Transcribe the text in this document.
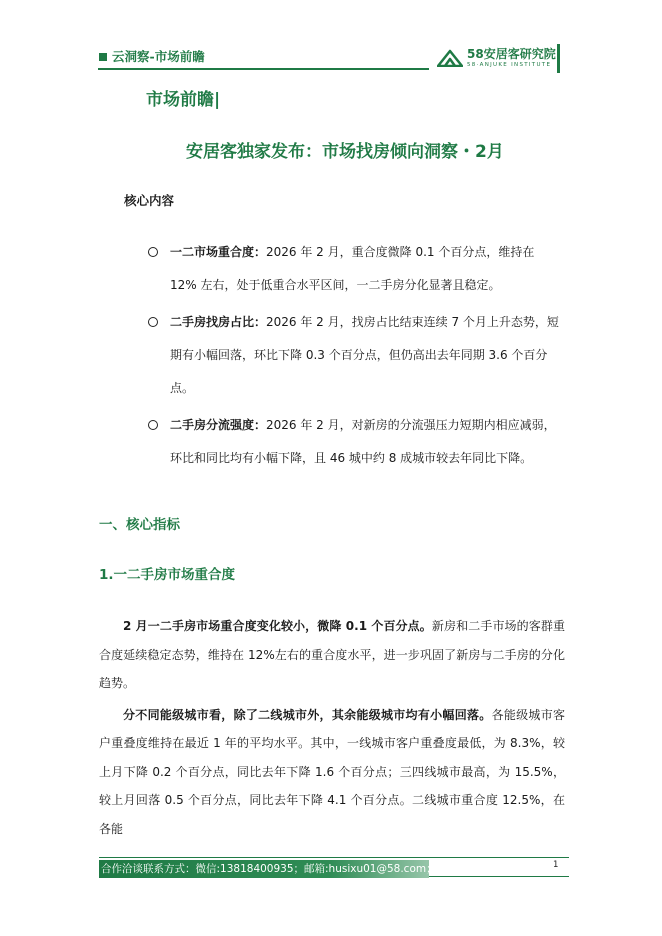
云洞察-市场前瞻	58安居客研究院
58·ANJUKE INSTITUTE
市场前瞻|
安居客独家发布：市场找房倾向洞察・2月
核心内容
一二市场重合度：2026 年 2 月，重合度微降 0.1 个百分点，维持在 12% 左右，处于低重合水平区间，一二手房分化显著且稳定。
二手房找房占比：2026 年 2 月，找房占比结束连续 7 个月上升态势，短期有小幅回落，环比下降 0.3 个百分点，但仍高出去年同期 3.6 个百分点。
二手房分流强度：2026 年 2 月，对新房的分流强压力短期内相应减弱，环比和同比均有小幅下降，且 46 城中约 8 成城市较去年同比下降。
一、核心指标
1.一二手房市场重合度

2 月一二手房市场重合度变化较小，微降 0.1 个百分点。新房和二手市场的客群重合度延续稳定态势，维持在 12%左右的重合度水平，进一步巩固了新房与二手房的分化趋势。

分不同能级城市看，除了二线城市外，其余能级城市均有小幅回落。各能级城市客户重叠度维持在最近 1 年的平均水平。其中，一线城市客户重叠度最低，为 8.3%，较上月下降 0.2 个百分点，同比去年下降 1.6 个百分点；三四线城市最高，为 15.5%，较上月回落 0.5 个百分点，同比去年下降 4.1 个百分点。二线城市重合度 12.5%，在各能

合作洽谈联系方式：微信:13818400935；邮箱:husixu01@58.com；	1
